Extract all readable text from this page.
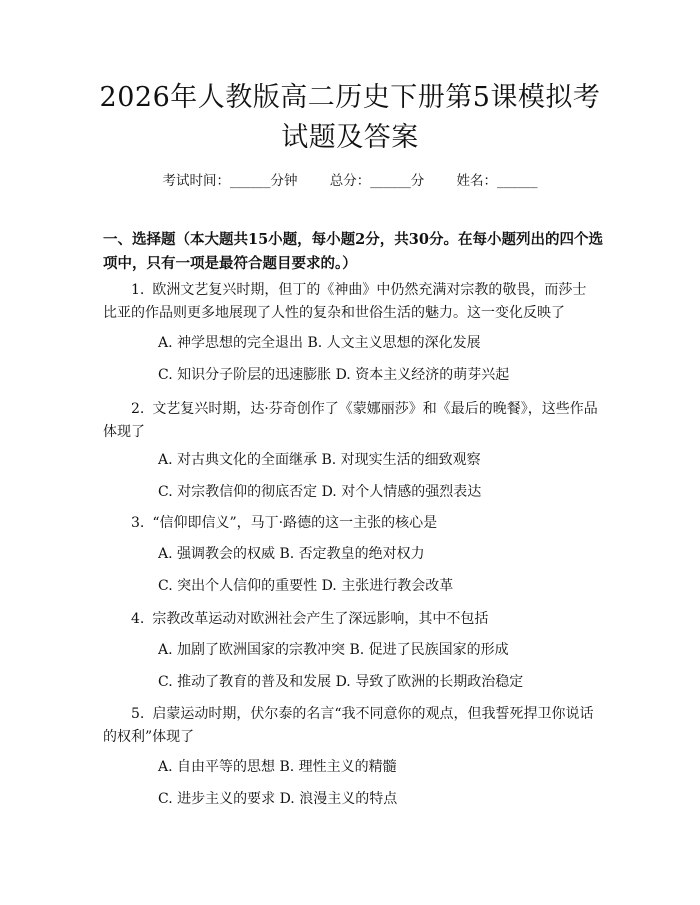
2026年人教版高二历史下册第5课模拟考试题及答案
考试时间：______分钟 总分：______分 姓名：______
一、选择题（本大题共15小题，每小题2分，共30分。在每小题列出的四个选项中，只有一项是最符合题目要求的。）
1. 欧洲文艺复兴时期，但丁的《神曲》中仍然充满对宗教的敬畏，而莎士比亚的作品则更多地展现了人性的复杂和世俗生活的魅力。这一变化反映了
A. 神学思想的完全退出 B. 人文主义思想的深化发展
C. 知识分子阶层的迅速膨胀 D. 资本主义经济的萌芽兴起
2. 文艺复兴时期，达·芬奇创作了《蒙娜丽莎》和《最后的晚餐》，这些作品体现了
A. 对古典文化的全面继承 B. 对现实生活的细致观察
C. 对宗教信仰的彻底否定 D. 对个人情感的强烈表达
3. “信仰即信义”，马丁·路德的这一主张的核心是
A. 强调教会的权威 B. 否定教皇的绝对权力
C. 突出个人信仰的重要性 D. 主张进行教会改革
4. 宗教改革运动对欧洲社会产生了深远影响，其中不包括
A. 加剧了欧洲国家的宗教冲突 B. 促进了民族国家的形成
C. 推动了教育的普及和发展 D. 导致了欧洲的长期政治稳定
5. 启蒙运动时期，伏尔泰的名言“我不同意你的观点，但我誓死捍卫你说话的权利”体现了
A. 自由平等的思想 B. 理性主义的精髓
C. 进步主义的要求 D. 浪漫主义的特点
